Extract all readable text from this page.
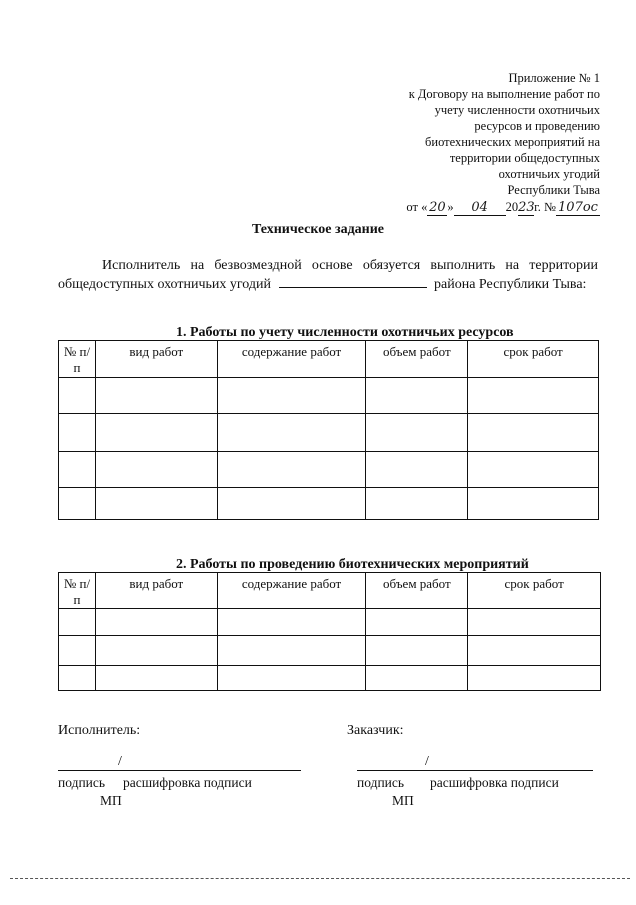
Приложение № 1
к Договору на выполнение работ по
учету численности охотничьих
ресурсов и проведению
биотехнических мероприятий на
территории общедоступных
охотничьих угодий
Республики Тыва
от « 20 » 04 2023г. № 107ос
Техническое задание
Исполнитель на безвозмездной основе обязуется выполнить на территории общедоступных охотничьих угодий	района Республики Тыва:
1. Работы по учету численности охотничьих ресурсов
№ п/п	вид работ	содержание работ	объем работ	срок работ

2. Работы по проведению биотехнических мероприятий
№ п/п	вид работ	содержание работ	объем работ	срок работ

Исполнитель:
/
подпись расшифровка подписи
МП
Заказчик:
/
подпись расшифровка подписи
МП
